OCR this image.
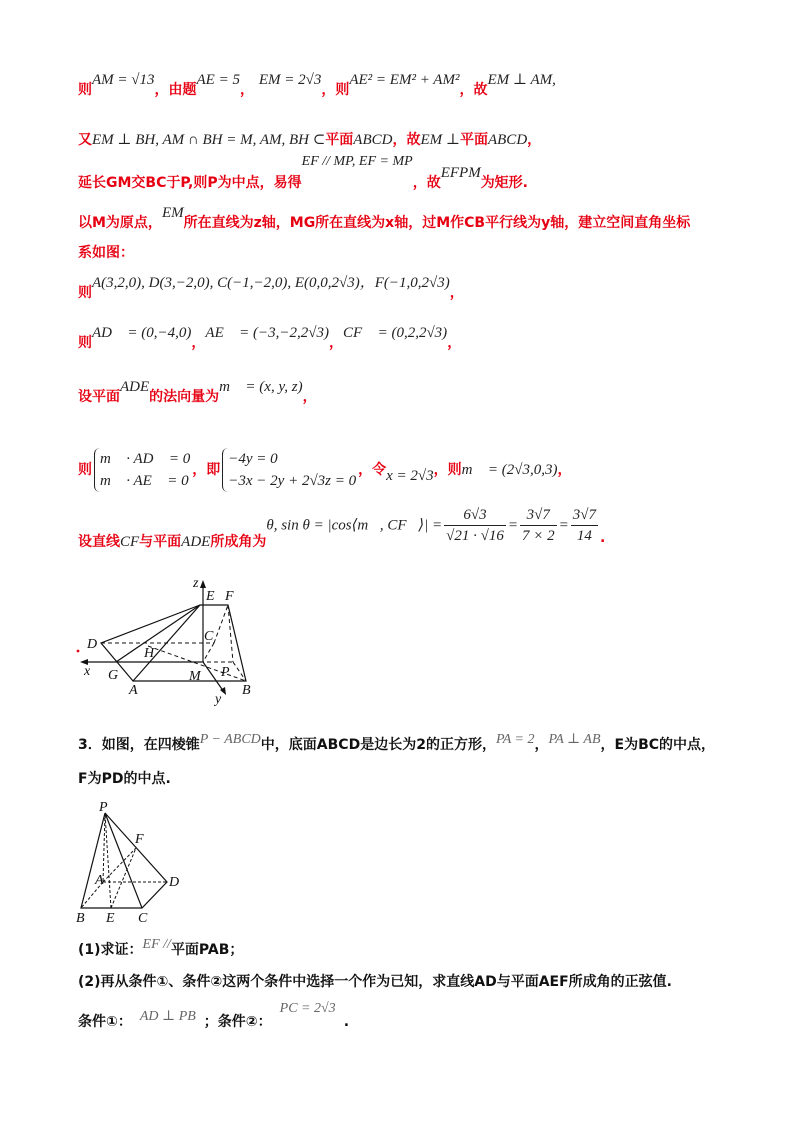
则AM = √13，由题AE = 5， EM = 2√3，则AE² = EM² + AM²，故EM ⊥ AM,
又EM ⊥ BH, AM ∩ BH = M, AM, BH ⊂平面ABCD，故EM ⊥平面ABCD，
延长GM交BC于P,则P为中点，易得EF // MP, EF = MP，故EFPM为矩形.
以M为原点，EM所在直线为z轴，MG所在直线为x轴，过M作CB平行线为y轴，建立空间直角坐标
系如图：
则A(3,2,0), D(3,−2,0), C(−1,−2,0), E(0,0,2√3)，F(−1,0,2√3)，
则AD⃗ = (0,−4,0)，AE⃗ = (−3,−2,2√3)，CF⃗ = (0,2,2√3)，
设平面ADE的法向量为m⃗ = (x, y, z)，
则
m⃗ · AD⃗ = 0
m⃗ · AE⃗ = 0
，即
−4y = 0
−3x − 2y + 2√3z = 0
，令x = 2√3，则m⃗ = (2√3,0,3)，
设直线CF与平面ADE所成角为θ, sin θ = |cos⟨m⃗, CF⃗⟩| = $\frac{6√3}{√21 \cdot √16} = \frac{3√7}{7 \times 2} = \frac{3√7}{14}$ .
z
E F
D
C
H
x G	M P
A	B
y
3．如图，在四棱锥P − ABCD中，底面ABCD是边长为2的正方形，PA = 2，PA ⊥ AB，E为BC的中点，
F为PD的中点.
P
F
A	D
B E C
(1)求证：EF //平面PAB；
(2)再从条件①、条件②这两个条件中选择一个作为已知，求直线AD与平面AEF所成角的正弦值.
条件①： AD ⊥ PB ；条件②：PC = 2√3.
